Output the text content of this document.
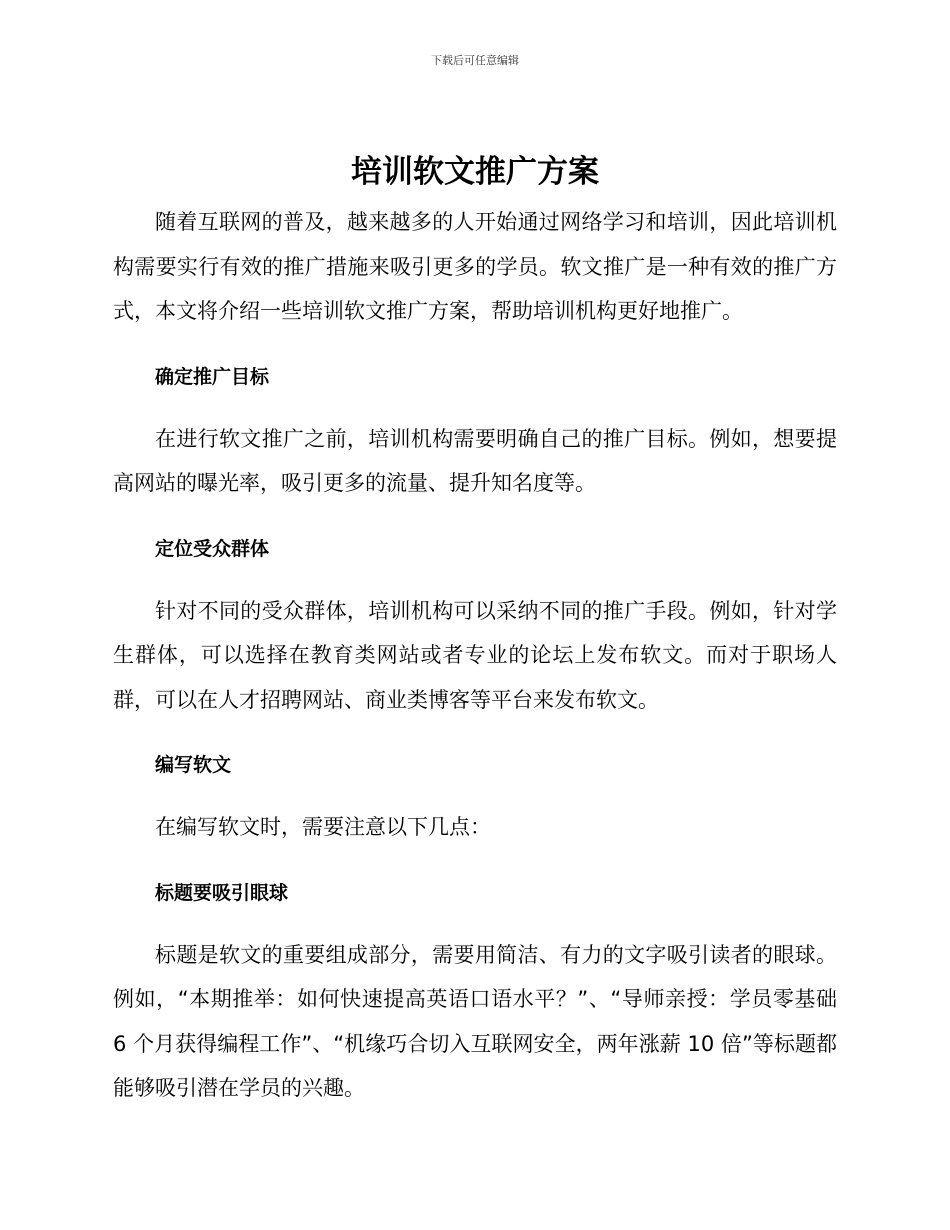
下载后可任意编辑
培训软文推广方案

随着互联网的普及，越来越多的人开始通过网络学习和培训，因此培训机构需要实行有效的推广措施来吸引更多的学员。软文推广是一种有效的推广方式，本文将介绍一些培训软文推广方案，帮助培训机构更好地推广。

确定推广目标

在进行软文推广之前，培训机构需要明确自己的推广目标。例如，想要提高网站的曝光率，吸引更多的流量、提升知名度等。

定位受众群体

针对不同的受众群体，培训机构可以采纳不同的推广手段。例如，针对学生群体，可以选择在教育类网站或者专业的论坛上发布软文。而对于职场人群，可以在人才招聘网站、商业类博客等平台来发布软文。

编写软文

在编写软文时，需要注意以下几点：

标题要吸引眼球

标题是软文的重要组成部分，需要用简洁、有力的文字吸引读者的眼球。例如，“本期推举：如何快速提高英语口语水平？”、“导师亲授：学员零基础 6 个月获得编程工作”、“机缘巧合切入互联网安全，两年涨薪 10 倍”等标题都能够吸引潜在学员的兴趣。
